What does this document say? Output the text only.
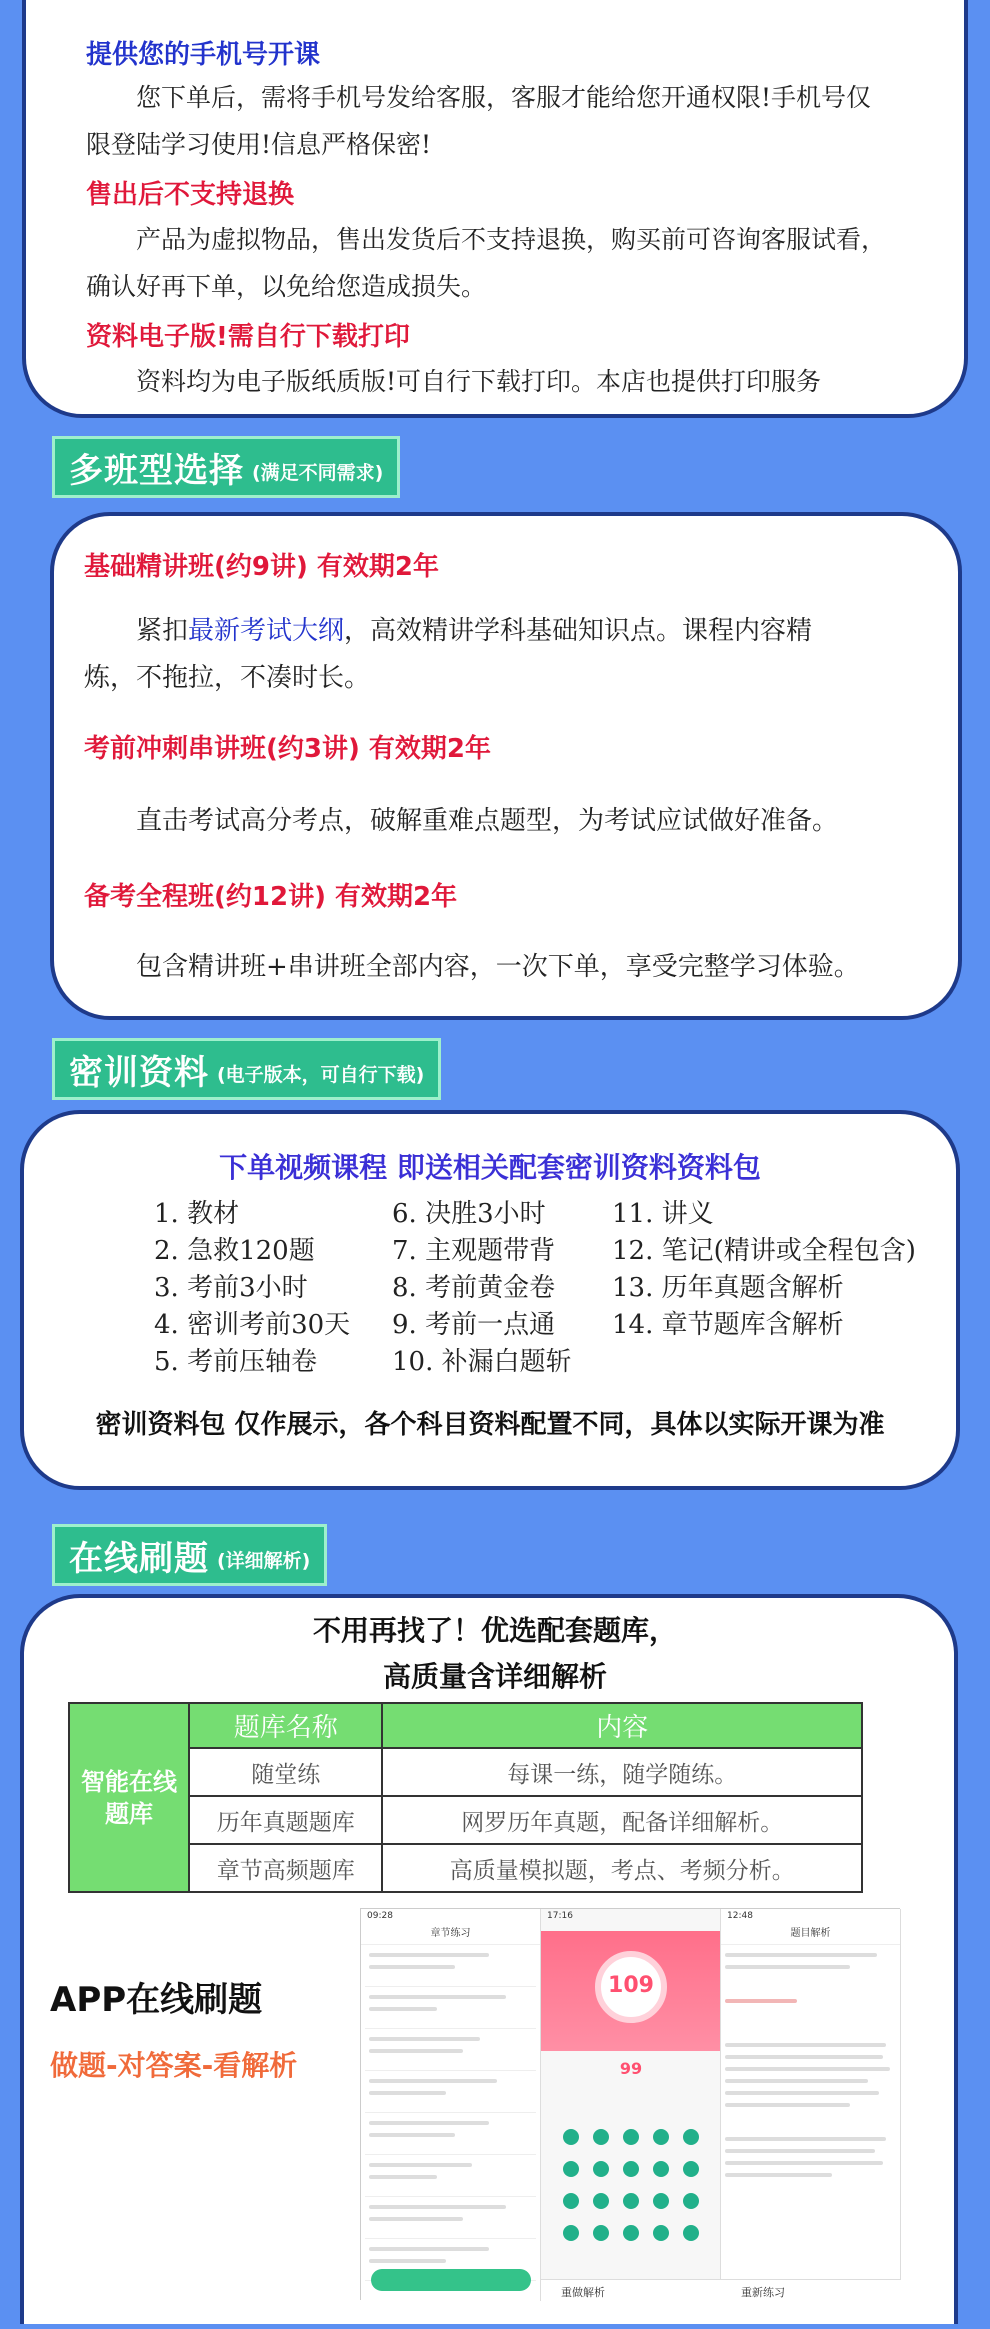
提供您的手机号开课
您下单后，需将手机号发给客服，客服才能给您开通权限!手机号仅
限登陆学习使用!信息严格保密!
售出后不支持退换
产品为虚拟物品，售出发货后不支持退换，购买前可咨询客服试看，
确认好再下单，以免给您造成损失。
资料电子版!需自行下载打印
资料均为电子版纸质版!可自行下载打印。本店也提供打印服务
多班型选择 (满足不同需求)
基础精讲班(约9讲) 有效期2年
紧扣最新考试大纲，高效精讲学科基础知识点。课程内容精
炼，不拖拉，不凑时长。
考前冲刺串讲班(约3讲) 有效期2年
直击考试高分考点，破解重难点题型，为考试应试做好准备。
备考全程班(约12讲) 有效期2年
包含精讲班+串讲班全部内容，一次下单，享受完整学习体验。
密训资料 (电子版本，可自行下载)
下单视频课程 即送相关配套密训资料资料包
1. 教材
2. 急救120题
3. 考前3小时
4. 密训考前30天
5. 考前压轴卷
6. 决胜3小时
7. 主观题带背
8. 考前黄金卷
9. 考前一点通
10. 补漏白题斩
11. 讲义
12. 笔记(精讲或全程包含)
13. 历年真题含解析
14. 章节题库含解析
密训资料包 仅作展示，各个科目资料配置不同，具体以实际开课为准
在线刷题 (详细解析)
不用再找了！优选配套题库，
高质量含详细解析
智能在线题库	题库名称	内容
	随堂练	每课一练，随学随练。
	历年真题题库	网罗历年真题，配备详细解析。
	章节高频题库	高质量模拟题，考点、考频分析。
APP在线刷题
做题-对答案-看解析
09:28
章节练习
17:16
109
99
12:48
题目解析
重做解析	重新练习
